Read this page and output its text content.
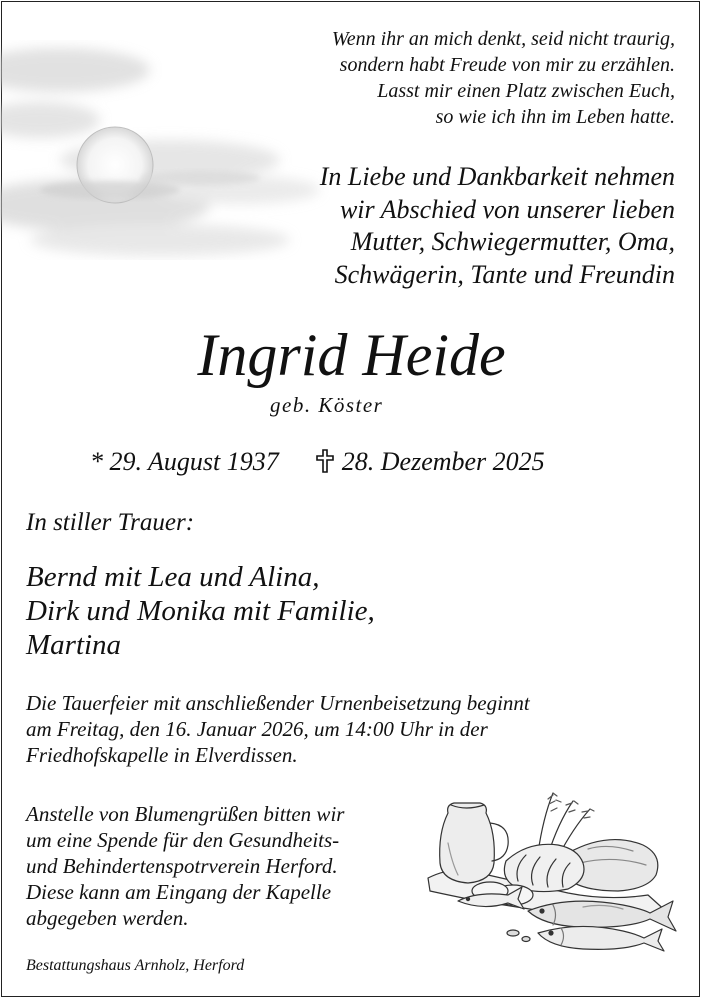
Wenn ihr an mich denkt, seid nicht traurig,
sondern habt Freude von mir zu erzählen.
Lasst mir einen Platz zwischen Euch,
so wie ich ihn im Leben hatte.
In Liebe und Dankbarkeit nehmen
wir Abschied von unserer lieben
Mutter, Schwiegermutter, Oma,
Schwägerin, Tante und Freundin
Ingrid Heide
geb. Köster
* 29. August 1937 28. Dezember 2025
In stiller Trauer:
Bernd mit Lea und Alina,
Dirk und Monika mit Familie,
Martina
Die Tauerfeier mit anschließender Urnenbeisetzung beginnt
am Freitag, den 16. Januar 2026, um 14:00 Uhr in der
Friedhofskapelle in Elverdissen.
Anstelle von Blumengrüßen bitten wir
um eine Spende für den Gesundheits-
und Behindertenspotrverein Herford.
Diese kann am Eingang der Kapelle
abgegeben werden.
Bestattungshaus Arnholz, Herford
